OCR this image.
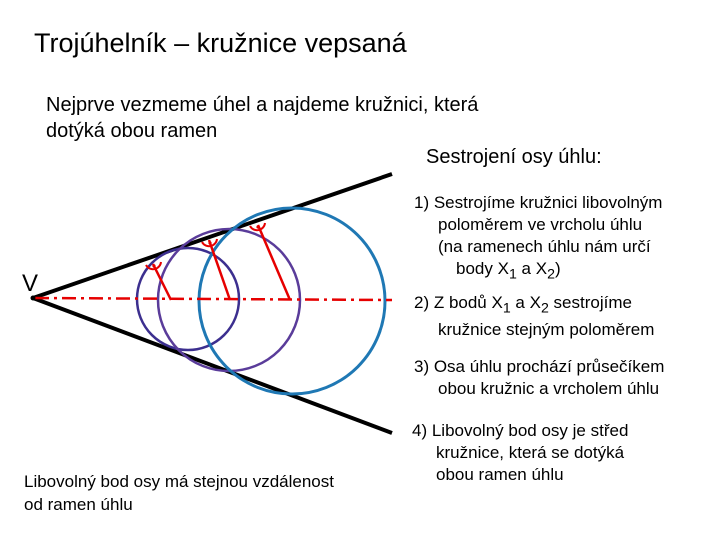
Trojúhelník – kružnice vepsaná
Nejprve vezmeme úhel a najdeme kružnici, která
dotýká obou ramen
Sestrojení osy úhlu:
1) Sestrojíme kružnici libovolným
poloměrem ve vrcholu úhlu
(na ramenech úhlu nám určí
body $X_1$ a $X_2$)
2) Z bodů $X_1$ a $X_2$ sestrojíme
kružnice stejným poloměrem
3) Osa úhlu prochází průsečíkem
obou kružnic a vrcholem úhlu
4) Libovolný bod osy je střed
kružnice, která se dotýká
obou ramen úhlu
Libovolný bod osy má stejnou vzdálenost
od ramen úhlu
V
